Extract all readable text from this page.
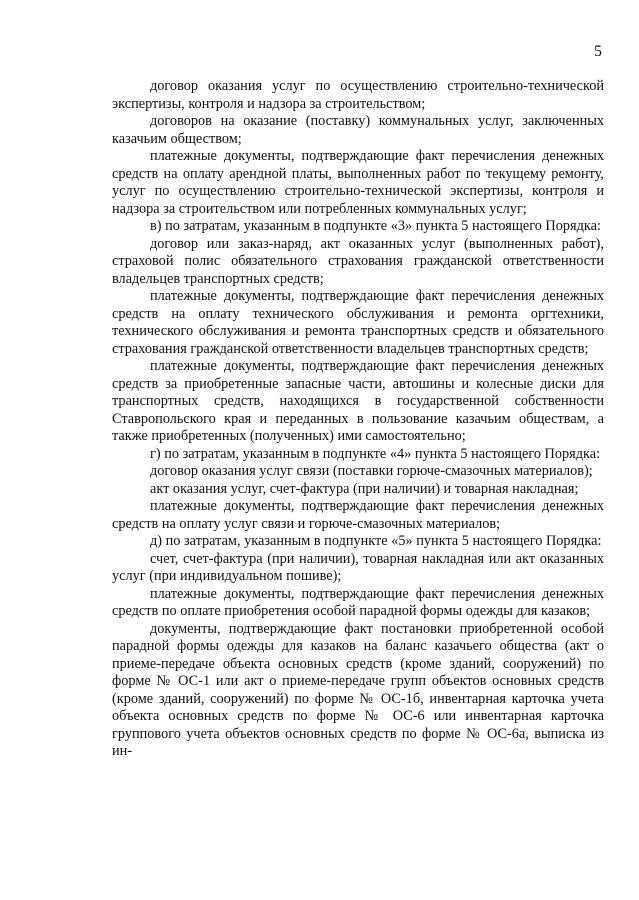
5

договор оказания услуг по осуществлению строительно-технической экспертизы, контроля и надзора за строительством;

договоров на оказание (поставку) коммунальных услуг, заключенных казачьим обществом;

платежные документы, подтверждающие факт перечисления денежных средств на оплату арендной платы, выполненных работ по текущему ремонту, услуг по осуществлению строительно-технической экспертизы, контроля и надзора за строительством или потребленных коммунальных услуг;

в) по затратам, указанным в подпункте «3» пункта 5 настоящего Порядка:

договор или заказ-наряд, акт оказанных услуг (выполненных работ), страховой полис обязательного страхования гражданской ответственности владельцев транспортных средств;

платежные документы, подтверждающие факт перечисления денежных средств на оплату технического обслуживания и ремонта оргтехники, технического обслуживания и ремонта транспортных средств и обязательного страхования гражданской ответственности владельцев транспортных средств;

платежные документы, подтверждающие факт перечисления денежных средств за приобретенные запасные части, автошины и колесные диски для транспортных средств, находящихся в государственной собственности Ставропольского края и переданных в пользование казачьим обществам, а также приобретенных (полученных) ими самостоятельно;

г) по затратам, указанным в подпункте «4» пункта 5 настоящего Порядка:

договор оказания услуг связи (поставки горюче-смазочных материалов);

акт оказания услуг, счет-фактура (при наличии) и товарная накладная;

платежные документы, подтверждающие факт перечисления денежных средств на оплату услуг связи и горюче-смазочных материалов;

д) по затратам, указанным в подпункте «5» пункта 5 настоящего Порядка:

счет, счет-фактура (при наличии), товарная накладная или акт оказанных услуг (при индивидуальном пошиве);

платежные документы, подтверждающие факт перечисления денежных средств по оплате приобретения особой парадной формы одежды для казаков;

документы, подтверждающие факт постановки приобретенной особой парадной формы одежды для казаков на баланс казачьего общества (акт о приеме-передаче объекта основных средств (кроме зданий, сооружений) по форме № ОС-1 или акт о приеме-передаче групп объектов основных средств (кроме зданий, сооружений) по форме № ОС-1б, инвентарная карточка учета объекта основных средств по форме № ОС-6 или инвентарная карточка группового учета объектов основных средств по форме № ОС-6а, выписка из ин-
